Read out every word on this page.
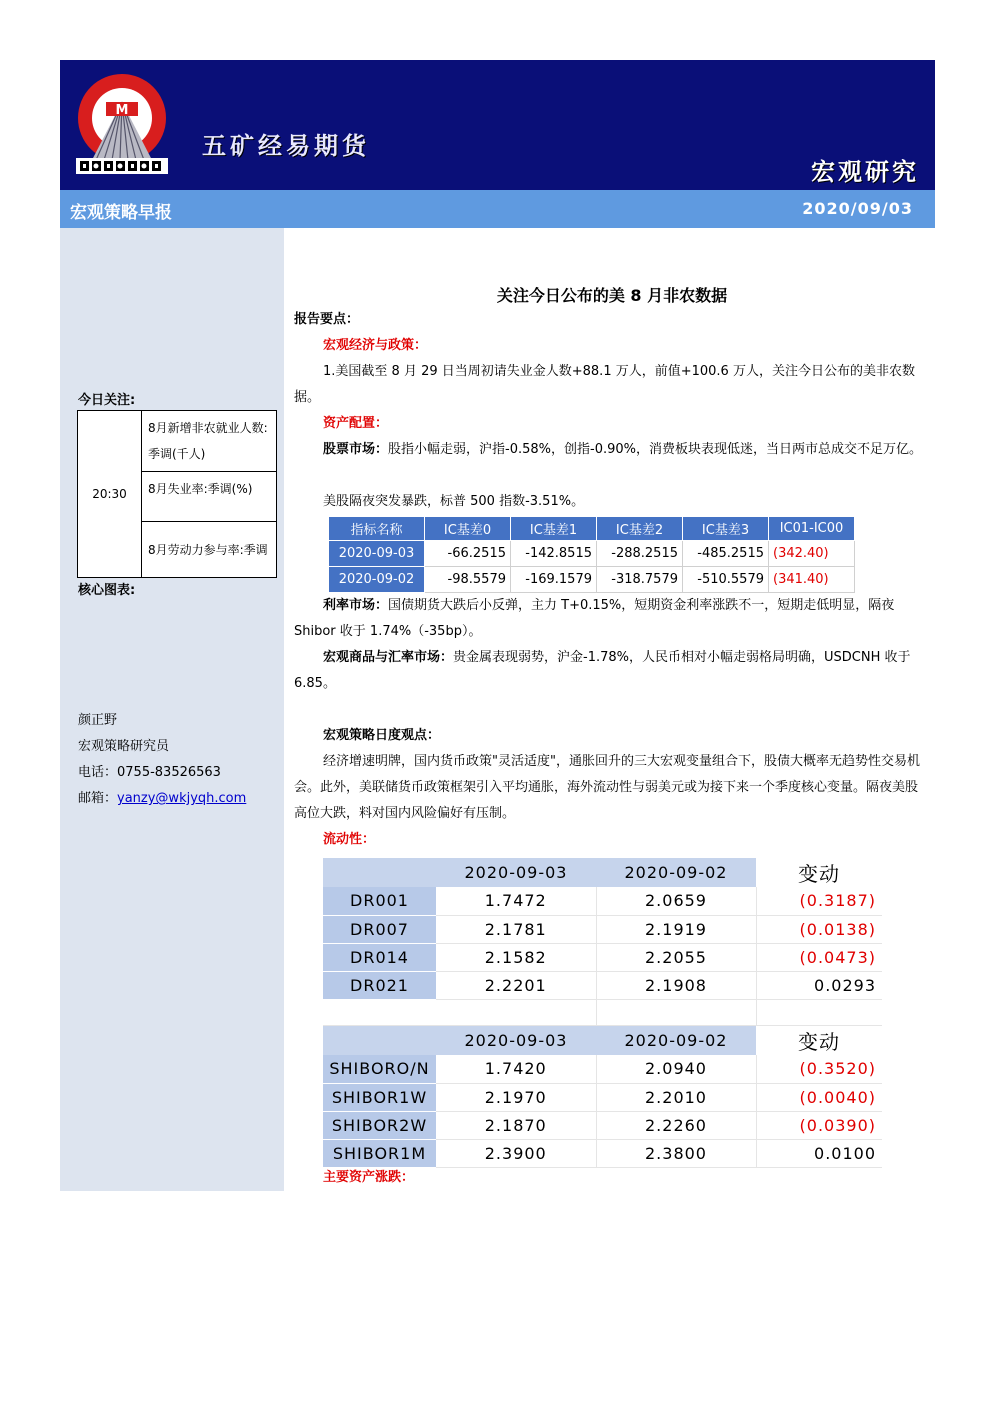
M
五矿经易期货
宏观研究
宏观策略早报	2020/09/03
今日关注:
20:30	8月新增非农就业人数:季调(千人)
8月失业率:季调(%)
8月劳动力参与率:季调
核心图表:
颜正野
宏观策略研究员
电话：0755-83526563
邮箱：yanzy@wkjyqh.com
关注今日公布的美 8 月非农数据
报告要点：
宏观经济与政策：
1.美国截至 8 月 29 日当周初请失业金人数+88.1 万人，前值+100.6 万人，关注今日公布的美非农数据。
资产配置：
股票市场：股指小幅走弱，沪指-0.58%，创指-0.90%，消费板块表现低迷，当日两市总成交不足万亿。
美股隔夜突发暴跌，标普 500 指数-3.51%。
指标名称	IC基差0	IC基差1	IC基差2	IC基差3	IC01-IC00
2020-09-03	-66.2515	-142.8515	-288.2515	-485.2515	(342.40)
2020-09-02	-98.5579	-169.1579	-318.7579	-510.5579	(341.40)
利率市场：国债期货大跌后小反弹，主力 T+0.15%，短期资金利率涨跌不一，短期走低明显，隔夜 Shibor 收于 1.74%（-35bp）。
宏观商品与汇率市场：贵金属表现弱势，沪金-1.78%，人民币相对小幅走弱格局明确，USDCNH 收于 6.85。
宏观策略日度观点：
经济增速明牌，国内货币政策"灵活适度"，通胀回升的三大宏观变量组合下，股债大概率无趋势性交易机会。此外，美联储货币政策框架引入平均通胀，海外流动性与弱美元或为接下来一个季度核心变量。隔夜美股高位大跌，料对国内风险偏好有压制。
流动性：
	2020-09-03	2020-09-02	变动
DR001	1.7472	2.0659	(0.3187)
DR007	2.1781	2.1919	(0.0138)
DR014	2.1582	2.2055	(0.0473)
DR021	2.2201	2.1908	0.0293

	2020-09-03	2020-09-02	变动
SHIBORO/N	1.7420	2.0940	(0.3520)
SHIBOR1W	2.1970	2.2010	(0.0040)
SHIBOR2W	2.1870	2.2260	(0.0390)
SHIBOR1M	2.3900	2.3800	0.0100
主要资产涨跌：
